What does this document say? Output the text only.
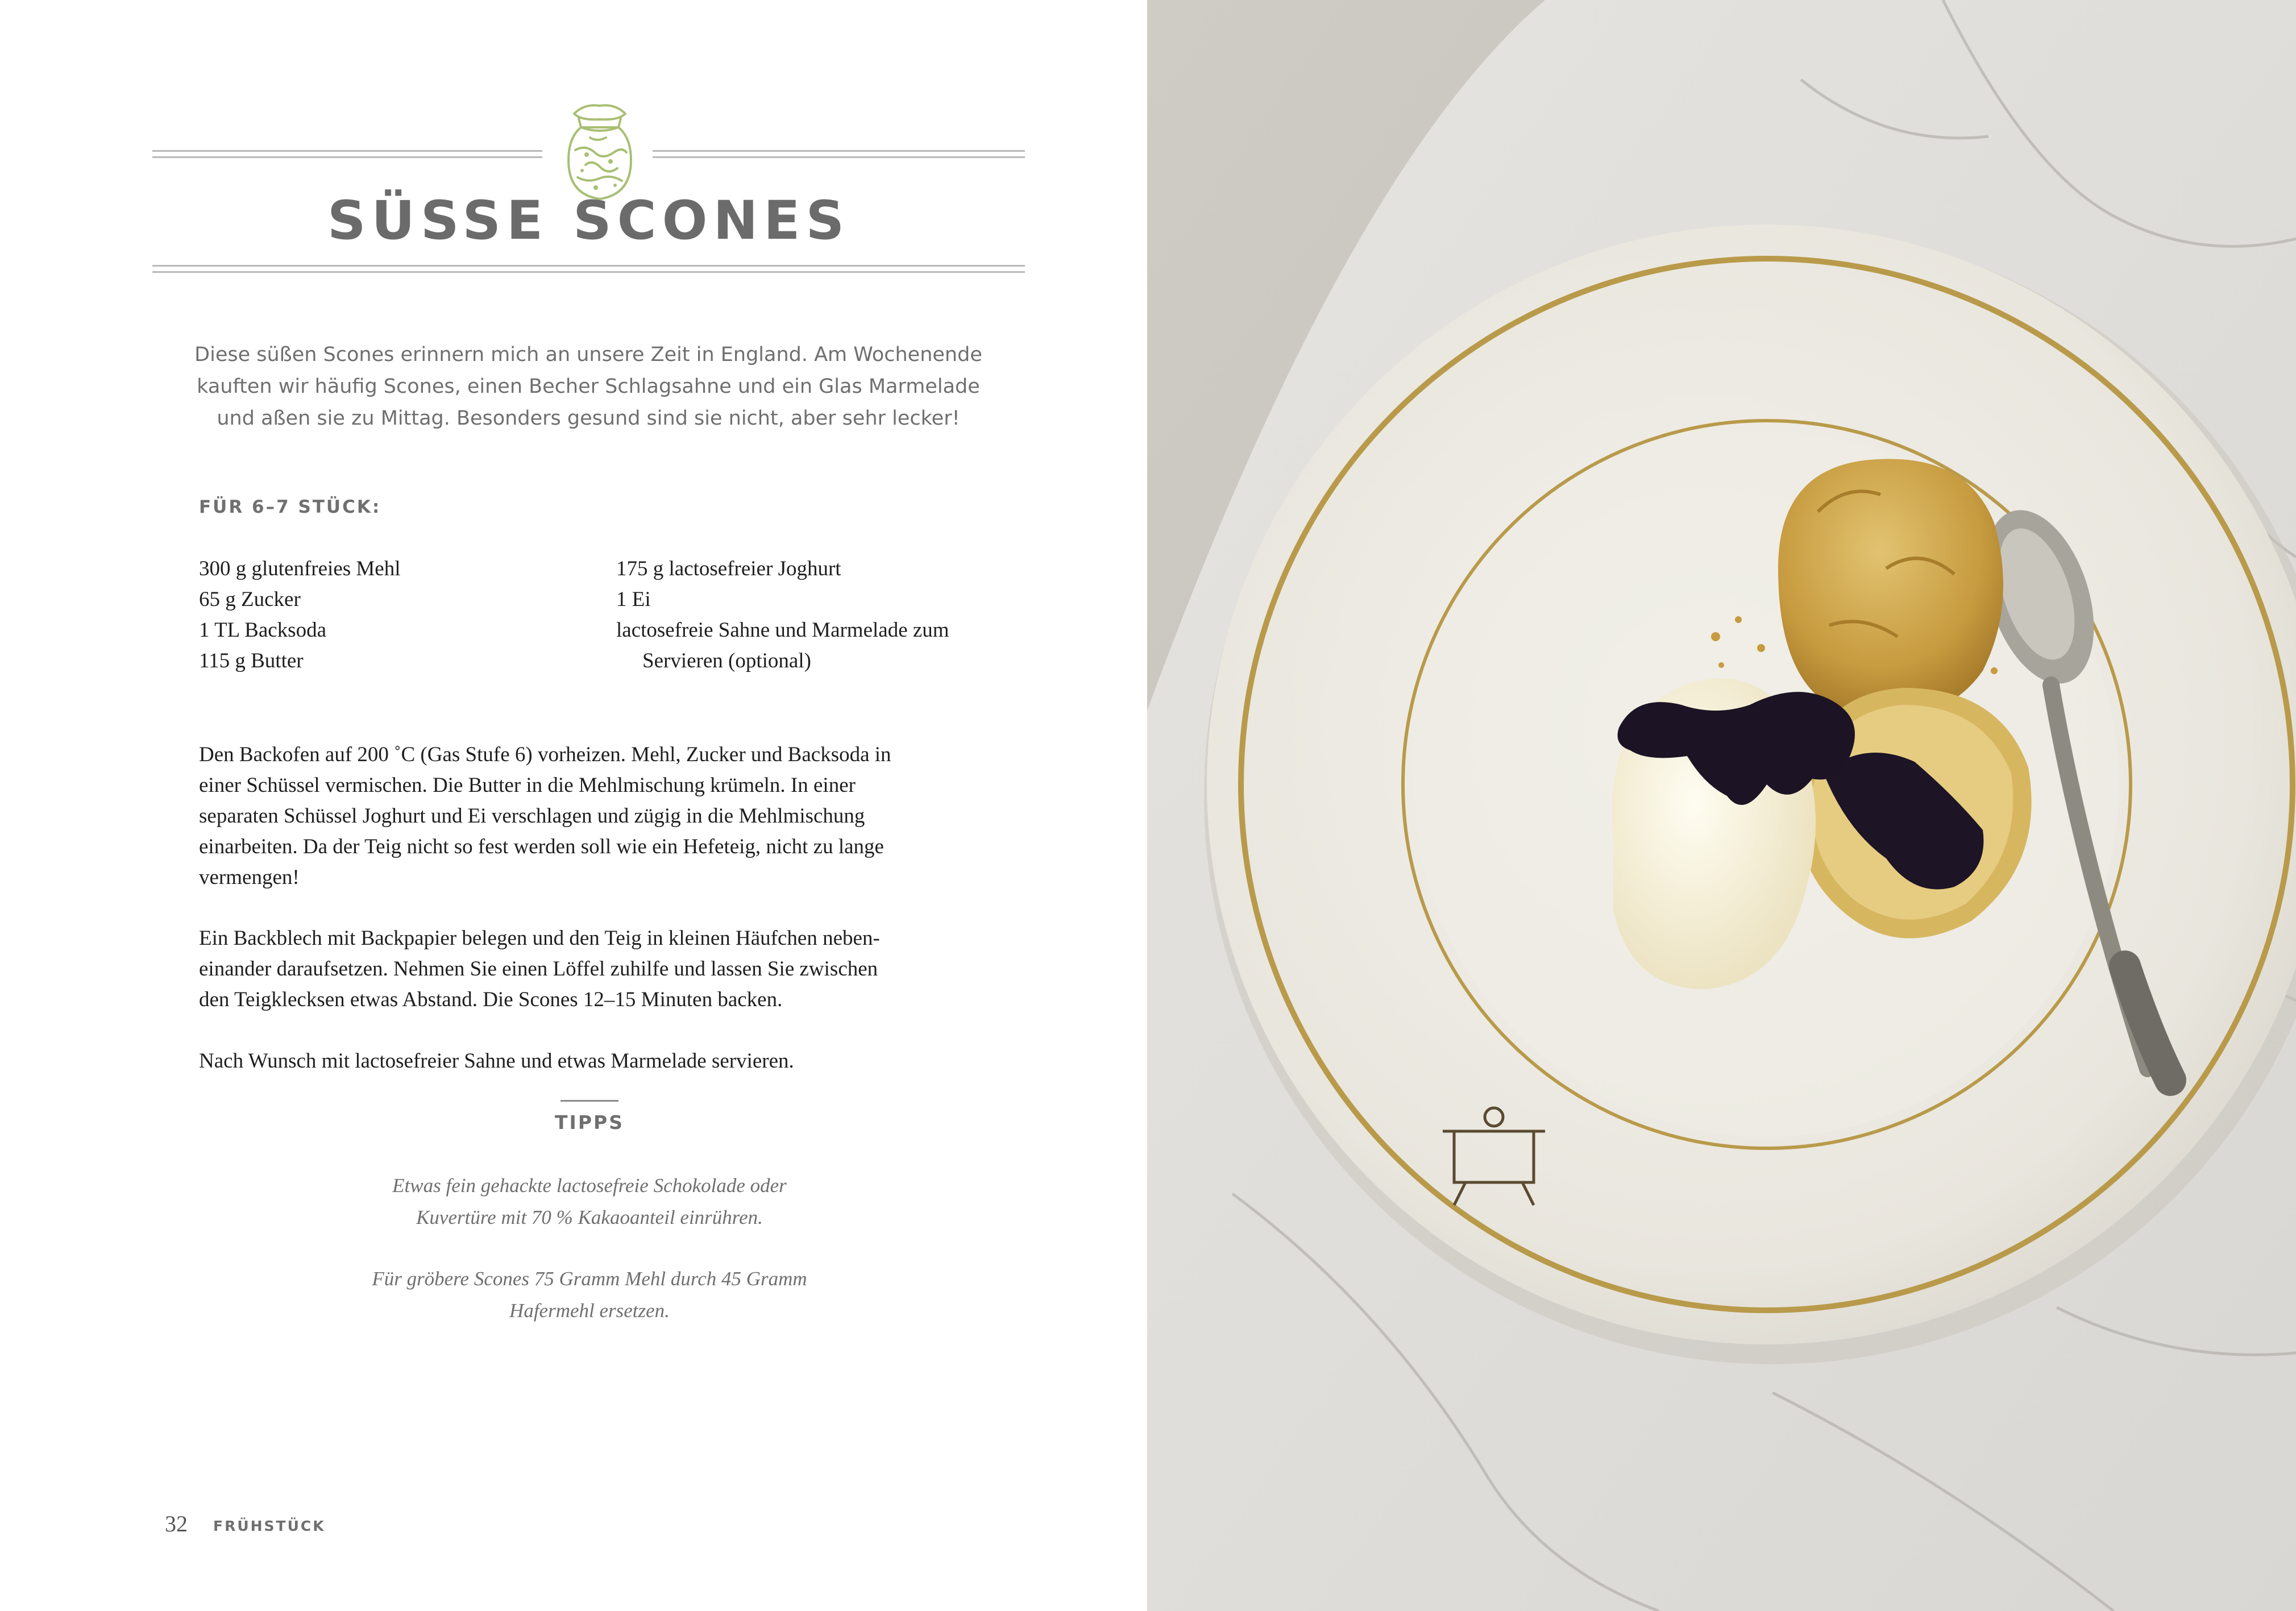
SÜSSE SCONES
Diese süßen Scones erinnern mich an unsere Zeit in England. Am Wochenende
kauften wir häufig Scones, einen Becher Schlagsahne und ein Glas Marmelade
und aßen sie zu Mittag. Besonders gesund sind sie nicht, aber sehr lecker!
FÜR 6–7 STÜCK:
300 g glutenfreies Mehl
65 g Zucker
1 TL Backsoda
115 g Butter
175 g lactosefreier Joghurt
1 Ei
lactosefreie Sahne und Marmelade zum
Servieren (optional)
Den Backofen auf 200 ˚C (Gas Stufe 6) vorheizen. Mehl, Zucker und Backsoda in
einer Schüssel vermischen. Die Butter in die Mehlmischung krümeln. In einer
separaten Schüssel Joghurt und Ei verschlagen und zügig in die Mehlmischung
einarbeiten. Da der Teig nicht so fest werden soll wie ein Hefeteig, nicht zu lange
vermengen!
Ein Backblech mit Backpapier belegen und den Teig in kleinen Häufchen neben-
einander daraufsetzen. Nehmen Sie einen Löffel zuhilfe und lassen Sie zwischen
den Teigklecksen etwas Abstand. Die Scones 12–15 Minuten backen.
Nach Wunsch mit lactosefreier Sahne und etwas Marmelade servieren.
TIPPS
Etwas fein gehackte lactosefreie Schokolade oder
Kuvertüre mit 70 % Kakaoanteil einrühren.
Für gröbere Scones 75 Gramm Mehl durch 45 Gramm
Hafermehl ersetzen.
32 FRÜHSTÜCK
